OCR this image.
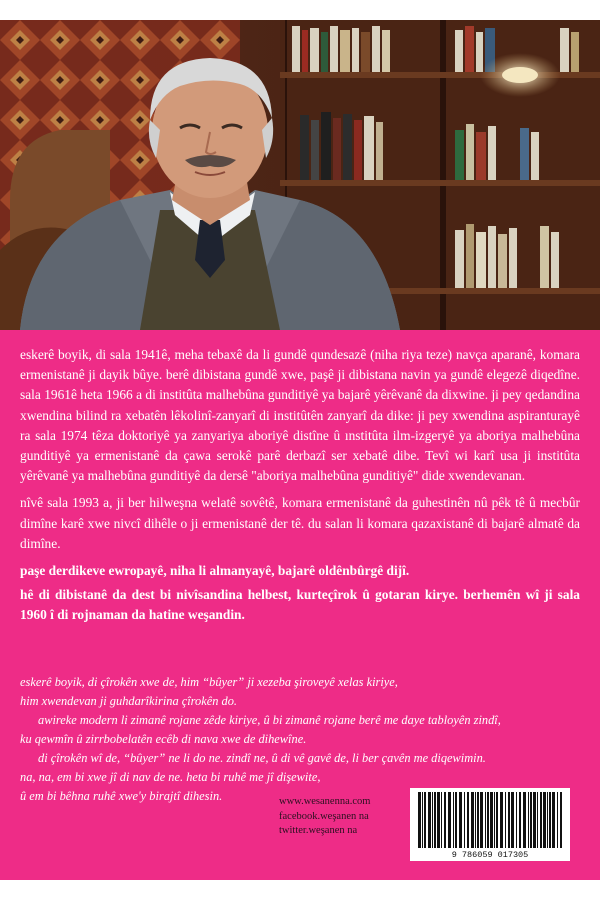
eskerê boyik, di sala 1941ê, meha tebaxê da li gundê qundesazê (niha riya teze) navça aparanê, komara ermenistanê ji dayik bûye. berê dibistana gundê xwe, paşê ji dibistana navin ya gundê elegezê diqedîne. sala 1961ê heta 1966 a di institûta malhebûna gunditiyê ya bajarê yêrêvanê da dixwine. ji pey qedandina xwendina bilind ra xebatên lêkolinî-zanyarî di institûtên zanyarî da dike: ji pey xwendina aspiranturayê ra sala 1974 têza doktoriyê ya zanyariya aboriyê distîne û ınstitûta ilm-izgeryê ya aboriya malhebûna gunditiyê ya ermenistanê da çawa serokê parê derbazî ser xebatê dibe. Tevî wi karî usa ji institûta yêrêvanê ya malhebûna gunditiyê da dersê "aboriya malhebûna gunditiyê" dide xwendevanan.

nîvê sala 1993 a, ji ber hilweşna welatê sovêtê, komara ermenistanê da guhestinên nû pêk tê û mecbûr dimîne karê xwe nivcî dihêle o ji ermenistanê der tê. du salan li komara qazaxistanê di bajarê almatê da dimîne.

paşe derdikeve ewropayê, niha li almanyayê, bajarê oldênbûrgê dijî.

hê di dibistanê da dest bi nivîsandina helbest, kurteçîrok û gotaran kirye. berhemên wî ji sala 1960 î di rojnaman da hatine weşandin.

eskerê boyik, di çîrokên xwe de, him “bûyer” ji xezeba şiroveyê xelas kiriye,
him xwendevan ji guhdarîkirina çîrokên do.
awireke modern li zimanê rojane zêde kiriye, û bi zimanê rojane berê me daye tabloyên zindî,
ku qewmîn û zirrbobelatên ecêb di nava xwe de dihewîne.
di çîrokên wî de, “bûyer” ne li do ne. zindî ne, û di vê gavê de, li ber çavên me diqewimin.
na, na, em bi xwe jî di nav de ne. heta bi ruhê me jî dişewite,
û em bi bêhna ruhê xwe'y birajtî dihesin.	www.wesanenna.com
facebook.weşanen na
twitter.weşanen na
9 786059 017305
